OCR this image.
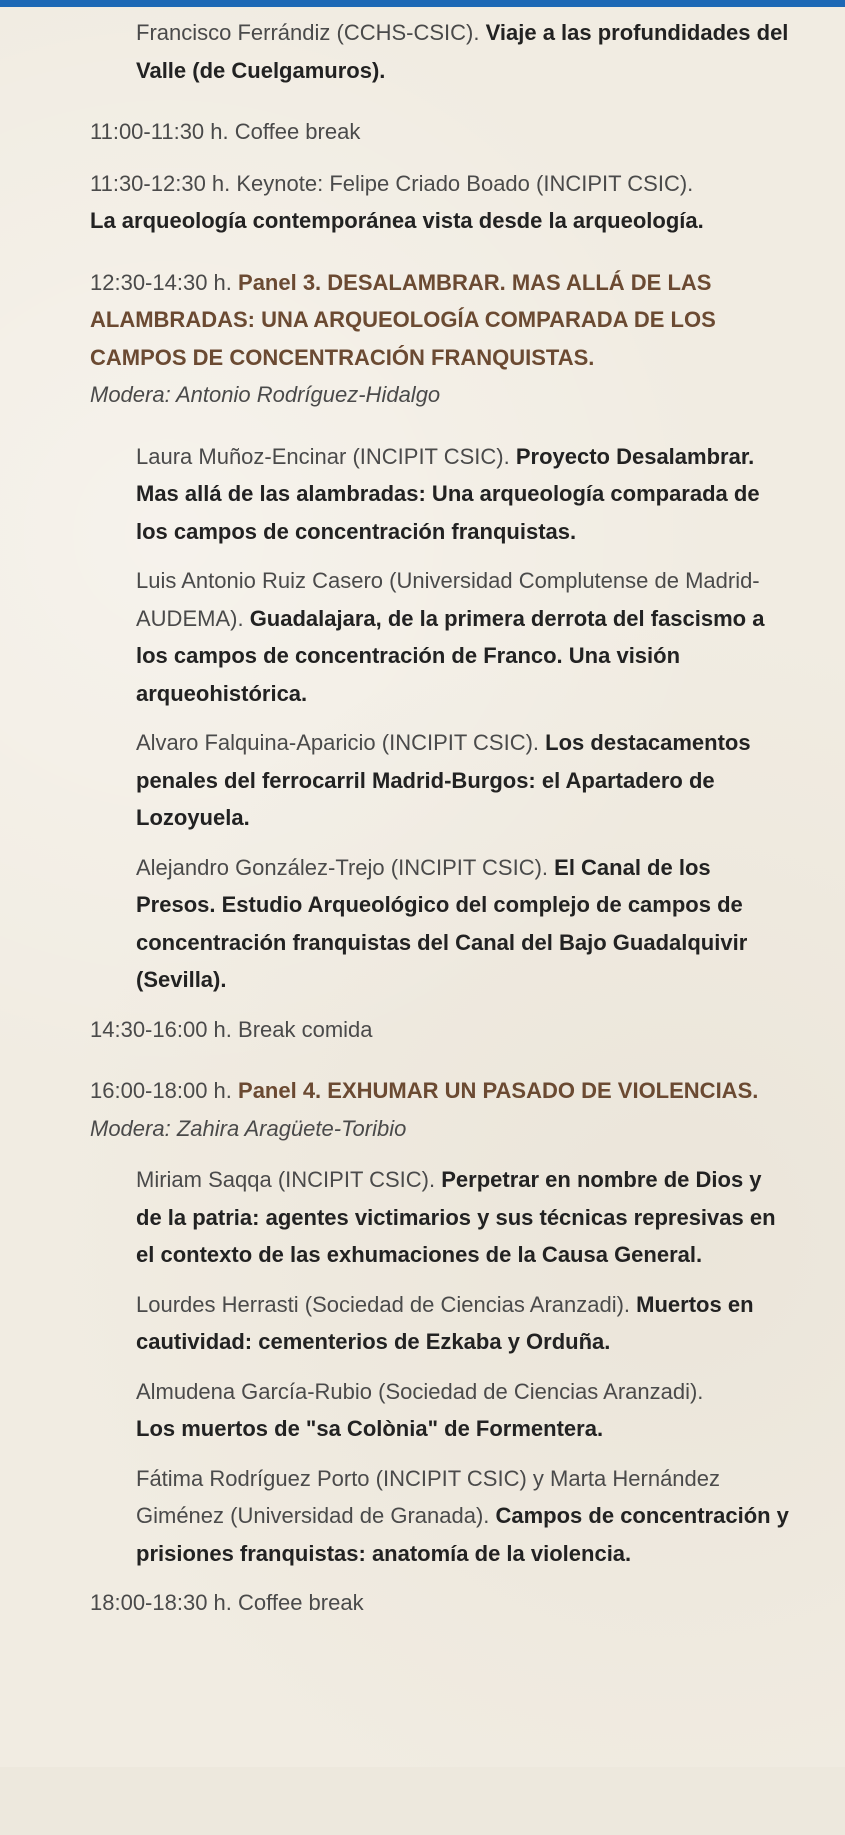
Francisco Ferrándiz (CCHS-CSIC). Viaje a las profundidades del Valle (de Cuelgamuros).

11:00-11:30 h. Coffee break

11:30-12:30 h. Keynote: Felipe Criado Boado (INCIPIT CSIC).
La arqueología contemporánea vista desde la arqueología.

12:30-14:30 h. Panel 3. DESALAMBRAR. MAS ALLÁ DE LAS ALAMBRADAS: UNA ARQUEOLOGÍA COMPARADA DE LOS CAMPOS DE CONCENTRACIÓN FRANQUISTAS.
Modera: Antonio Rodríguez-Hidalgo

Laura Muñoz-Encinar (INCIPIT CSIC). Proyecto Desalambrar. Mas allá de las alambradas: Una arqueología comparada de los campos de concentración franquistas.

Luis Antonio Ruiz Casero (Universidad Complutense de Madrid-AUDEMA). Guadalajara, de la primera derrota del fascismo a los campos de concentración de Franco. Una visión arqueohistórica.

Alvaro Falquina-Aparicio (INCIPIT CSIC). Los destacamentos penales del ferrocarril Madrid-Burgos: el Apartadero de Lozoyuela.

Alejandro González-Trejo (INCIPIT CSIC). El Canal de los Presos. Estudio Arqueológico del complejo de campos de concentración franquistas del Canal del Bajo Guadalquivir (Sevilla).

14:30-16:00 h. Break comida

16:00-18:00 h. Panel 4. EXHUMAR UN PASADO DE VIOLENCIAS. Modera: Zahira Aragüete-Toribio

Miriam Saqqa (INCIPIT CSIC). Perpetrar en nombre de Dios y de la patria: agentes victimarios y sus técnicas represivas en el contexto de las exhumaciones de la Causa General.

Lourdes Herrasti (Sociedad de Ciencias Aranzadi). Muertos en cautividad: cementerios de Ezkaba y Orduña.

Almudena García-Rubio (Sociedad de Ciencias Aranzadi).
Los muertos de "sa Colònia" de Formentera.

Fátima Rodríguez Porto (INCIPIT CSIC) y Marta Hernández Giménez (Universidad de Granada). Campos de concentración y prisiones franquistas: anatomía de la violencia.

18:00-18:30 h. Coffee break
